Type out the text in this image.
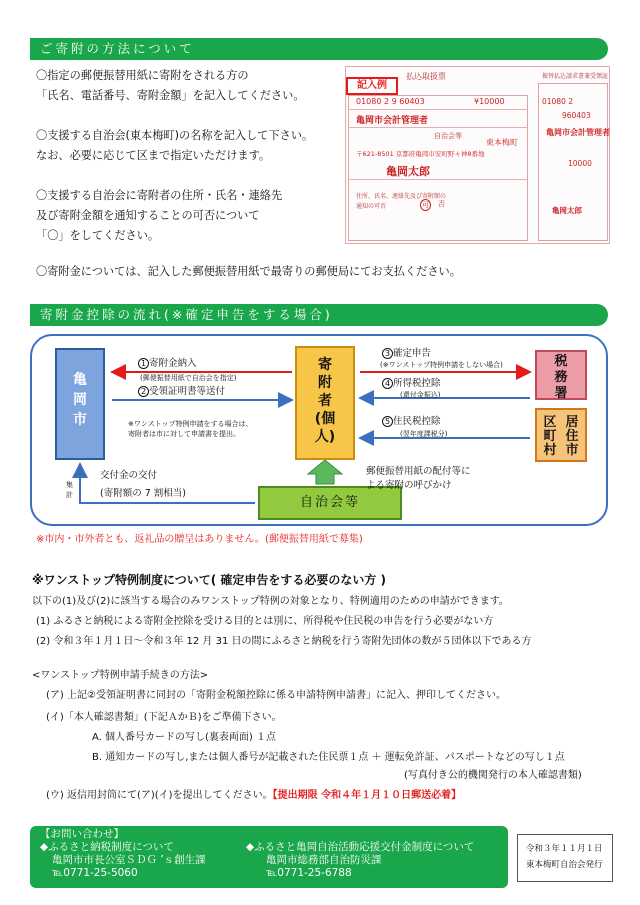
ご寄附の方法について
〇指定の郵便振替用紙に寄附をされる方の
「氏名、電話番号、寄附金額」を記入してください。
〇支援する自治会(東本梅町)の名称を記入して下さい。
なお、必要に応じて区まで指定いただけます。
〇支援する自治会に寄附者の住所・氏名・連絡先
及び寄附金額を通知することの可否について
「〇」をしてください。
〇寄附金については、記入した郵便振替用紙で最寄りの郵便局にてお支払ください。
記入例
払込取扱票	振替払込請求書兼受領証
01080 2 9 60403	¥10000
亀岡市会計管理者
自治会等
東本梅町
〒621-8501 京都府亀岡市安町野々神8番地
亀岡太郎
住所、氏名、連絡先及び寄附額の
通知の可否	可 否
01080 2
960403
亀岡市会計管理者
10000
亀岡太郎
寄附金控除の流れ(※確定申告をする場合)
亀
岡
市
寄
附
者
(個
人)
税
務
署
区
町
村
居
住
市
自治会等
1 寄附金納入
(郵便振替用紙で自治会を指定)
2 受領証明書等送付
※ワンストップ特例申請をする場合は、
寄附者は市に対して申請書を提出。
3 確定申告
(※ワンストップ特例申請をしない場合)
4 所得税控除
(還付金振込)
5 住民税控除
(翌年度課税分)
交付金の交付
(寄附額の 7 割相当)
集計
郵便振替用紙の配付等に
よる寄附の呼びかけ
※市内・市外者とも、返礼品の贈呈はありません。(郵便振替用紙で募集)
※ワンストップ特例制度について( 確定申告をする必要のない方 )
以下の(1)及び(2)に該当する場合のみワンストップ特例の対象となり、特例適用のための申請ができます。
(1) ふるさと納税による寄附金控除を受ける目的とは別に、所得税や住民税の申告を行う必要がない方
(2) 令和３年１月１日～令和３年 12 月 31 日の間にふるさと納税を行う寄附先団体の数が５団体以下である方
<ワンストップ特例申請手続きの方法>
(ア) 上記②受領証明書に同封の「寄附金税額控除に係る申請特例申請書」に記入、押印してください。
(イ)「本人確認書類」(下記ＡかＢ)をご準備下さい。
A. 個人番号カードの写し(裏表両面) １点
B. 通知カードの写し,または個人番号が記載された住民票１点 ＋ 運転免許証、パスポートなどの写し１点
(写真付き公的機関発行の本人確認書類)
(ウ) 返信用封筒にて(ア)(イ)を提出してください。【提出期限 令和４年１月１０日郵送必着】
【お問い合わせ】
◆ふるさと納税制度について
亀岡市市長公室ＳＤＧ ’ｓ創生課
℡0771-25-5060
◆ふるさと亀岡自治活動応援交付金制度について
亀岡市総務部自治防災課
℡0771-25-6788
令和３年１１月１日
東本梅町自治会発行
